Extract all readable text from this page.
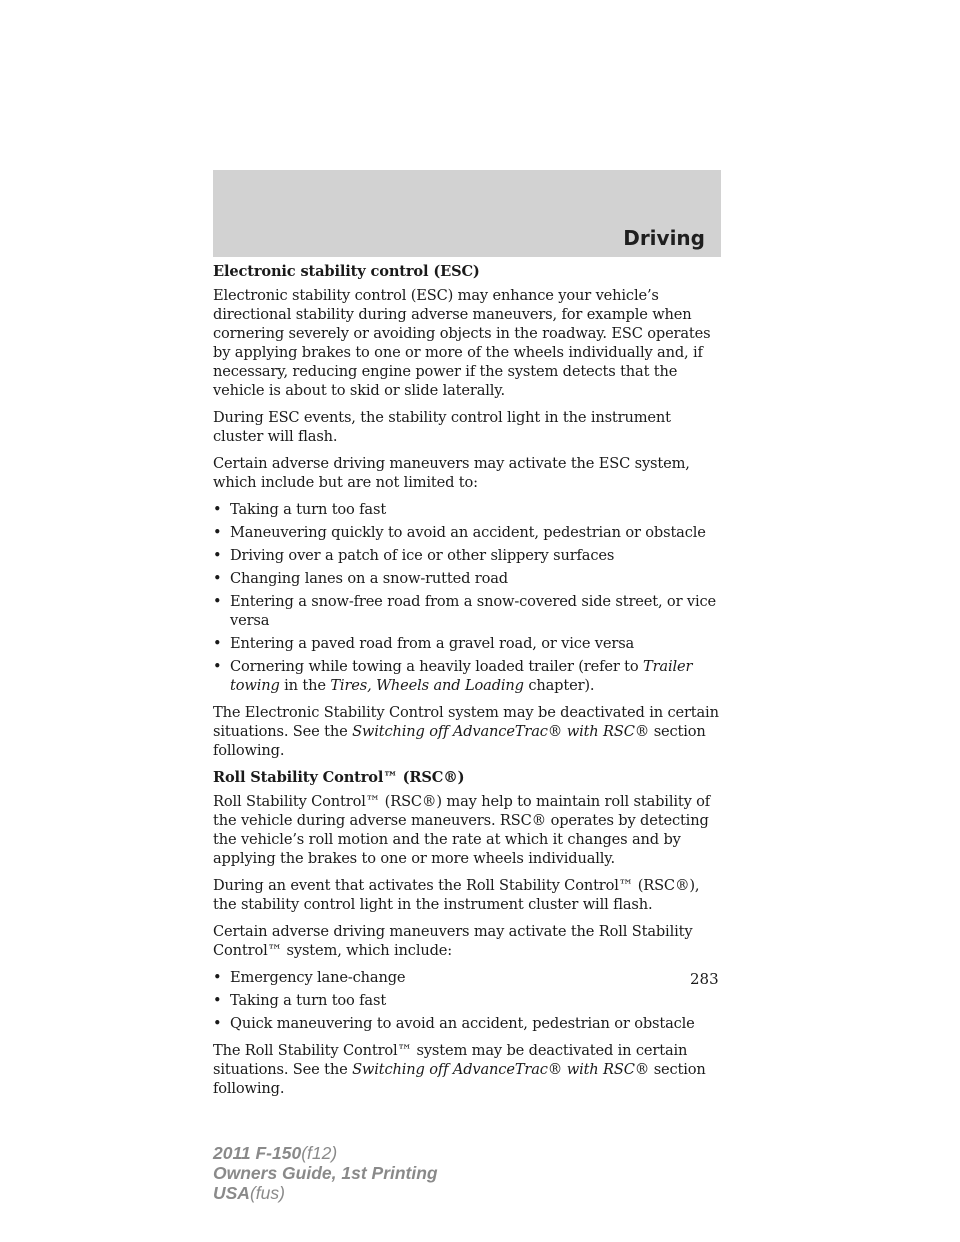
Driving
Electronic stability control (ESC)

Electronic stability control (ESC) may enhance your vehicle’s directional stability during adverse maneuvers, for example when cornering severely or avoiding objects in the roadway. ESC operates by applying brakes to one or more of the wheels individually and, if necessary, reducing engine power if the system detects that the vehicle is about to skid or slide laterally.

During ESC events, the stability control light in the instrument cluster will flash.

Certain adverse driving maneuvers may activate the ESC system, which include but are not limited to:

• Taking a turn too fast
• Maneuvering quickly to avoid an accident, pedestrian or obstacle
• Driving over a patch of ice or other slippery surfaces
• Changing lanes on a snow-rutted road
• Entering a snow-free road from a snow-covered side street, or vice versa
• Entering a paved road from a gravel road, or vice versa
• Cornering while towing a heavily loaded trailer (refer to Trailer towing in the Tires, Wheels and Loading chapter).

The Electronic Stability Control system may be deactivated in certain situations. See the Switching off AdvanceTrac® with RSC® section following.

Roll Stability Control™ (RSC®)

Roll Stability Control™ (RSC®) may help to maintain roll stability of the vehicle during adverse maneuvers. RSC® operates by detecting the vehicle’s roll motion and the rate at which it changes and by applying the brakes to one or more wheels individually.

During an event that activates the Roll Stability Control™ (RSC®), the stability control light in the instrument cluster will flash.

Certain adverse driving maneuvers may activate the Roll Stability Control™ system, which include:

• Emergency lane-change
• Taking a turn too fast
• Quick maneuvering to avoid an accident, pedestrian or obstacle

The Roll Stability Control™ system may be deactivated in certain situations. See the Switching off AdvanceTrac® with RSC® section following.

283
2011 F-150(f12)
Owners Guide, 1st Printing
USA(fus)
